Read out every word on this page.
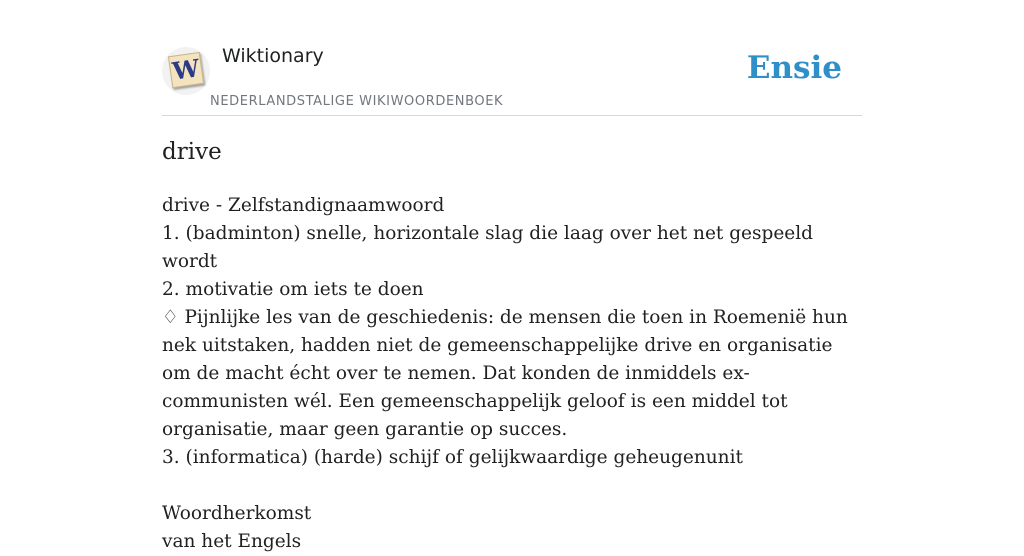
W Wiktionary
NEDERLANDSTALIGE WIKIWOORDENBOEK
Ensie
drive
drive - Zelfstandignaamwoord
1. (badminton) snelle, horizontale slag die laag over het net gespeeld wordt
2. motivatie om iets te doen
♢ Pijnlijke les van de geschiedenis: de mensen die toen in Roemenië hun nek uitstaken, hadden niet de gemeenschappelijke drive en organisatie om de macht écht over te nemen. Dat konden de inmiddels ex-communisten wél. Een gemeenschappelijk geloof is een middel tot organisatie, maar geen garantie op succes.
3. (informatica) (harde) schijf of gelijkwaardige geheugenunit
Woordherkomst
van het Engels
